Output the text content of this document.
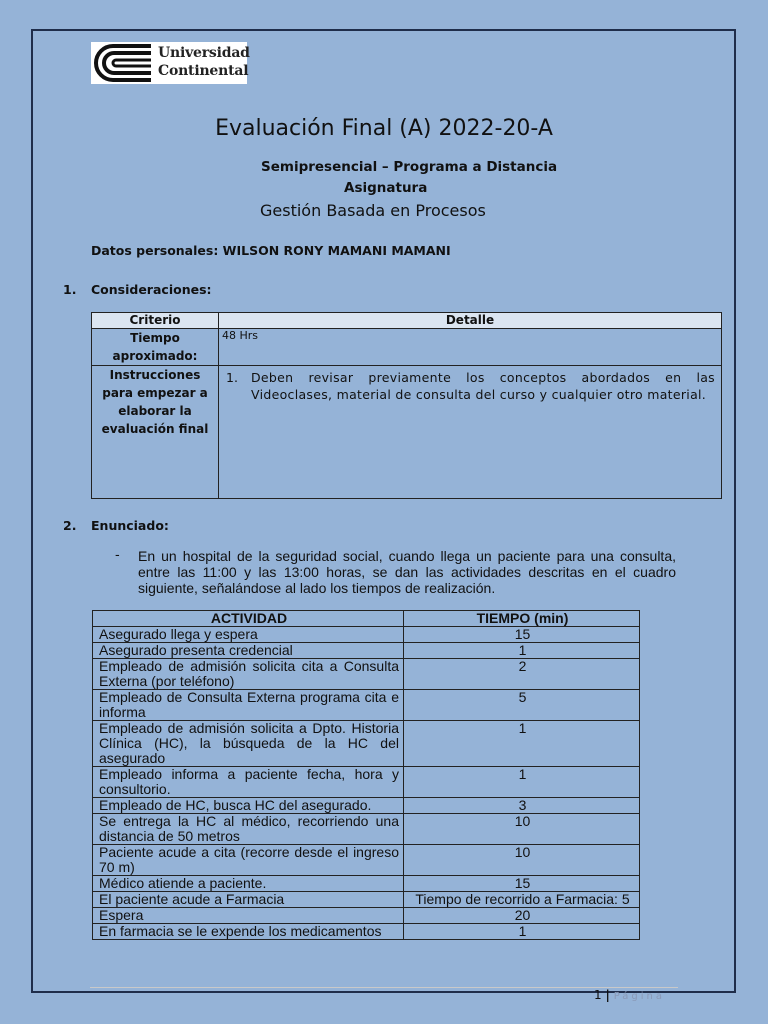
Universidad
Continental
Evaluación Final (A) 2022-20-A
Semipresencial – Programa a Distancia
Asignatura
Gestión Basada en Procesos
Datos personales: WILSON RONY MAMANI MAMANI
1. Consideraciones:
Criterio	Detalle
Tiempo aproximado:	48 Hrs
Instrucciones para empezar a elaborar la evaluación final	1. Deben revisar previamente los conceptos abordados en las Videoclases, material de consulta del curso y cualquier otro material.
2. Enunciado:
- En un hospital de la seguridad social, cuando llega un paciente para una consulta, entre las 11:00 y las 13:00 horas, se dan las actividades descritas en el cuadro siguiente, señalándose al lado los tiempos de realización.
ACTIVIDAD	TIEMPO (min)
Asegurado llega y espera	15
Asegurado presenta credencial	1
Empleado de admisión solicita cita a Consulta Externa (por teléfono)	2
Empleado de Consulta Externa programa cita e informa	5
Empleado de admisión solicita a Dpto. Historia Clínica (HC), la búsqueda de la HC del asegurado	1
Empleado informa a paciente fecha, hora y consultorio.	1
Empleado de HC, busca HC del asegurado.	3
Se entrega la HC al médico, recorriendo una distancia de 50 metros	10
Paciente acude a cita (recorre desde el ingreso 70 m)	10
Médico atiende a paciente.	15
El paciente acude a Farmacia	Tiempo de recorrido a Farmacia: 5
Espera	20
En farmacia se le expende los medicamentos	1
1 | Página
